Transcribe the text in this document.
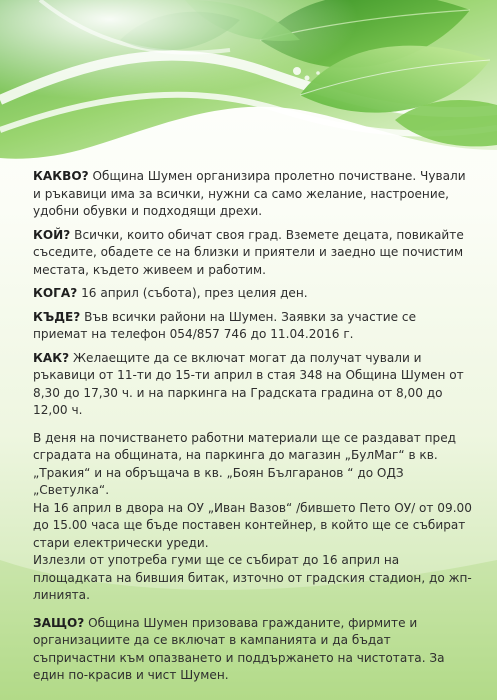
КАКВО? Община Шумен организира пролетно почистване. Чували и ръкавици има за всички, нужни са само желание, настроение, удобни обувки и подходящи дрехи.

КОЙ? Всички, които обичат своя град. Вземете децата, повикайте съседите, обадете се на близки и приятели и заедно ще почистим местата, където живеем и работим.

КОГА? 16 април (събота), през целия ден.

КЪДЕ? Във всички райони на Шумен. Заявки за участие се приемат на телефон 054/857 746 до 11.04.2016 г.

КАК? Желаещите да се включат могат да получат чували и ръкавици от 11-ти до 15-ти април в стая 348 на Община Шумен от 8,30 до 17,30 ч. и на паркинга на Градската градина от 8,00 до 12,00 ч.

В деня на почистването работни материали ще се раздават пред сградата на общината, на паркинга до магазин „БулМаг“ в кв. „Тракия“ и на обръщача в кв. „Боян Българанов “ до ОДЗ „Светулка“.

На 16 април в двора на ОУ „Иван Вазов“ /бившето Пето ОУ/ от 09.00 до 15.00 часа ще бъде поставен контейнер, в който ще се събират стари електрически уреди.

Излезли от употреба гуми ще се събират до 16 април на площадката на бившия битак, източно от градския стадион, до жп-линията.

ЗАЩО? Община Шумен призовава гражданите, фирмите и организациите да се включат в кампанията и да бъдат съпричастни към опазването и поддържането на чистотата. За един по-красив и чист Шумен.
